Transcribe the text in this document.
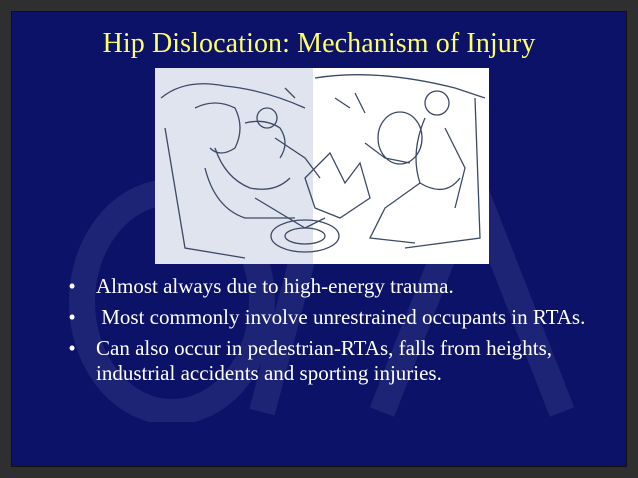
Hip Dislocation: Mechanism of Injury
• Almost always due to high-energy trauma.
• Most commonly involve unrestrained occupants in RTAs.
• Can also occur in pedestrian-RTAs, falls from heights, industrial accidents and sporting injuries.
